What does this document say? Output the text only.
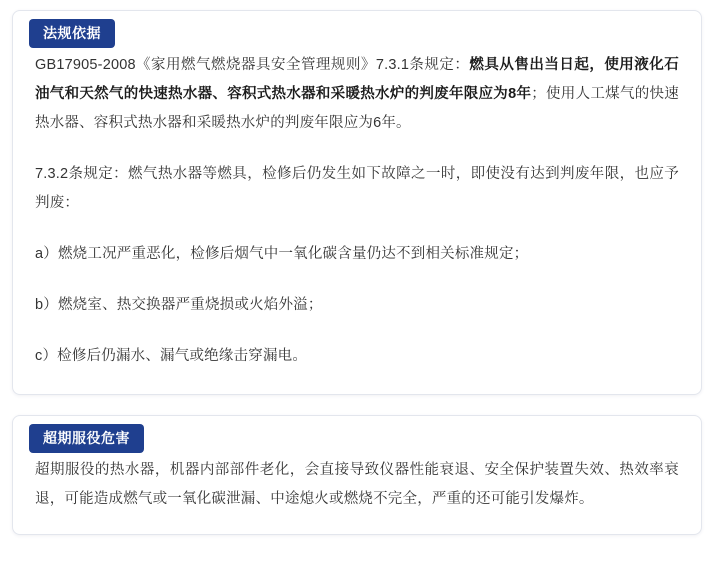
法规依据

GB17905-2008《家用燃气燃烧器具安全管理规则》7.3.1条规定：燃具从售出当日起，使用液化石油气和天然气的快速热水器、容积式热水器和采暖热水炉的判废年限应为8年；使用人工煤气的快速热水器、容积式热水器和采暖热水炉的判废年限应为6年。

7.3.2条规定：燃气热水器等燃具，检修后仍发生如下故障之一时，即使没有达到判废年限，也应予判废：

a）燃烧工况严重恶化，检修后烟气中一氧化碳含量仍达不到相关标准规定；

b）燃烧室、热交换器严重烧损或火焰外溢；

c）检修后仍漏水、漏气或绝缘击穿漏电。

超期服役危害

超期服役的热水器，机器内部部件老化，会直接导致仪器性能衰退、安全保护装置失效、热效率衰退，可能造成燃气或一氧化碳泄漏、中途熄火或燃烧不完全，严重的还可能引发爆炸。
